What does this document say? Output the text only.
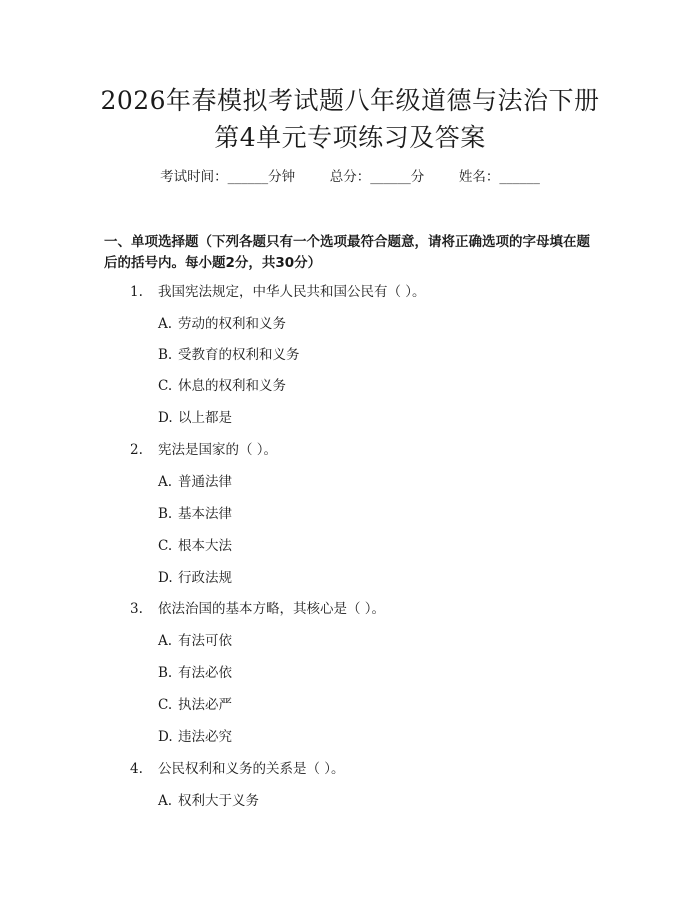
2026年春模拟考试题八年级道德与法治下册
第4单元专项练习及答案
考试时间：______分钟	总分：______分	姓名：______
一、单项选择题（下列各题只有一个选项最符合题意，请将正确选项的字母填在题后的括号内。每小题2分，共30分）
1. 我国宪法规定，中华人民共和国公民有（ ）。
A. 劳动的权利和义务
B. 受教育的权利和义务
C. 休息的权利和义务
D. 以上都是
2. 宪法是国家的（ ）。
A. 普通法律
B. 基本法律
C. 根本大法
D. 行政法规
3. 依法治国的基本方略，其核心是（ ）。
A. 有法可依
B. 有法必依
C. 执法必严
D. 违法必究
4. 公民权利和义务的关系是（ ）。
A. 权利大于义务
